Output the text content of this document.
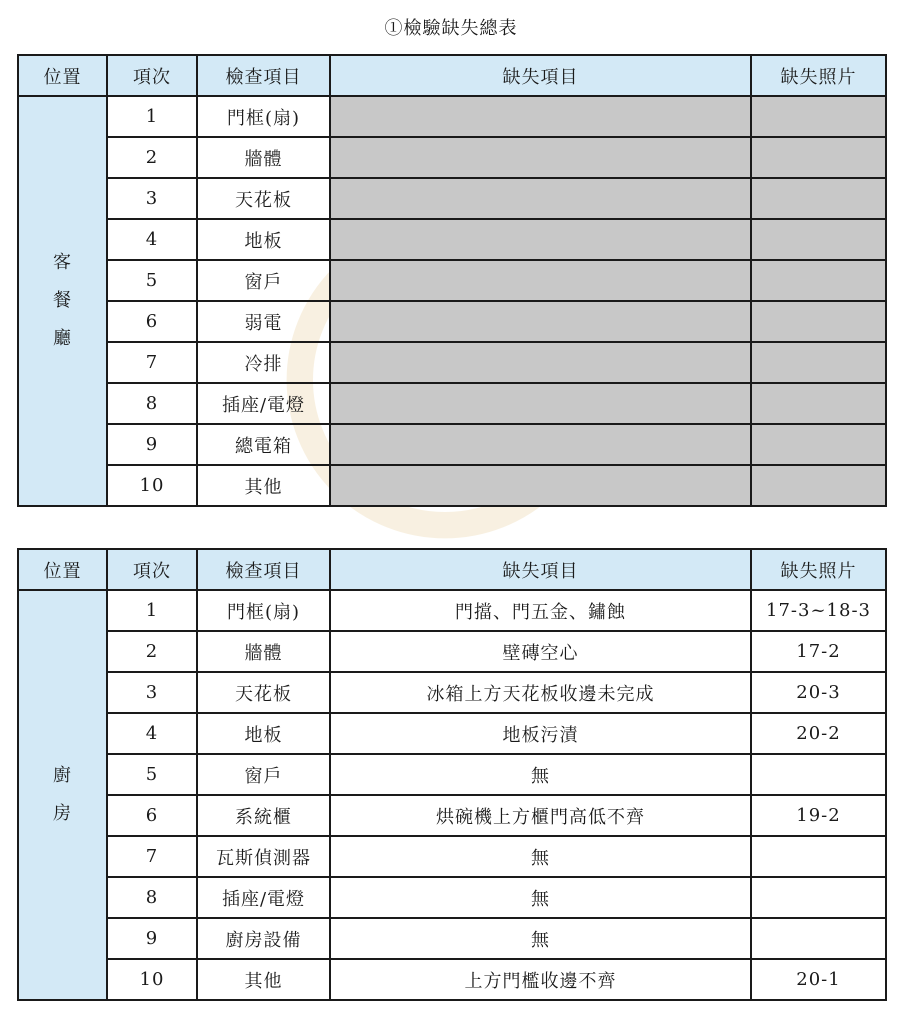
①檢驗缺失總表
位置	項次	檢查項目	缺失項目	缺失照片

客
餐
廳	1	門框(扇)		
	2	牆體		
	3	天花板		
	4	地板		
	5	窗戶		
	6	弱電		
	7	冷排		
	8	插座/電燈		
	9	總電箱		
	10	其他		
位置	項次	檢查項目	缺失項目	缺失照片

廚
房	1	門框(扇)	門擋、門五金、鏽蝕	17-3~18-3
	2	牆體	壁磚空心	17-2
	3	天花板	冰箱上方天花板收邊未完成	20-3
	4	地板	地板污漬	20-2
	5	窗戶	無	
	6	系統櫃	烘碗機上方櫃門高低不齊	19-2
	7	瓦斯偵測器	無	
	8	插座/電燈	無	
	9	廚房設備	無	
	10	其他	上方門檻收邊不齊	20-1
